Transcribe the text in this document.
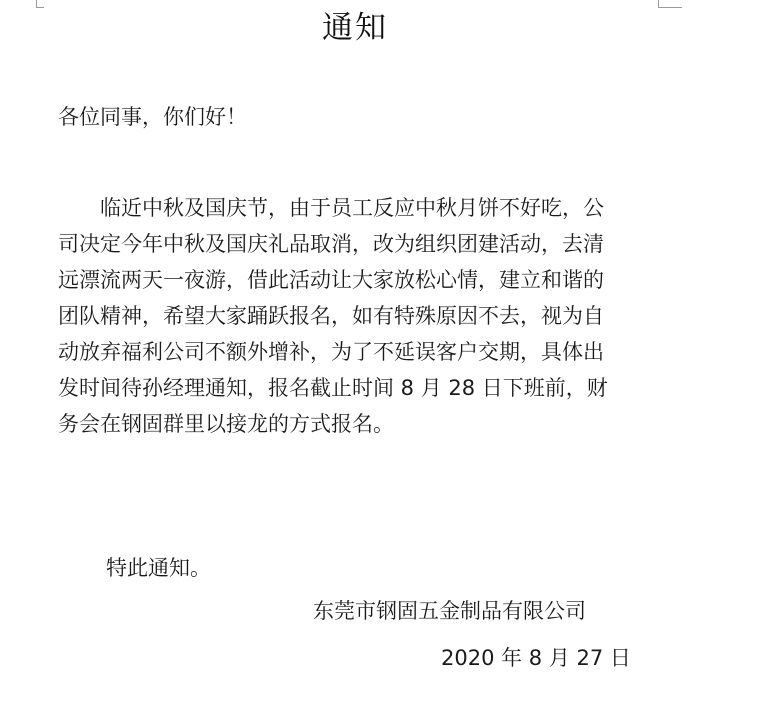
通知
各位同事，你们好！

　　临近中秋及国庆节，由于员工反应中秋月饼不好吃，公
司决定今年中秋及国庆礼品取消，改为组织团建活动，去清
远漂流两天一夜游，借此活动让大家放松心情，建立和谐的
团队精神，希望大家踊跃报名，如有特殊原因不去，视为自
动放弃福利公司不额外增补，为了不延误客户交期，具体出
发时间待孙经理通知，报名截止时间 8 月 28 日下班前，财
务会在钢固群里以接龙的方式报名。

特此通知。
东莞市钢固五金制品有限公司
2020 年 8 月 27 日
